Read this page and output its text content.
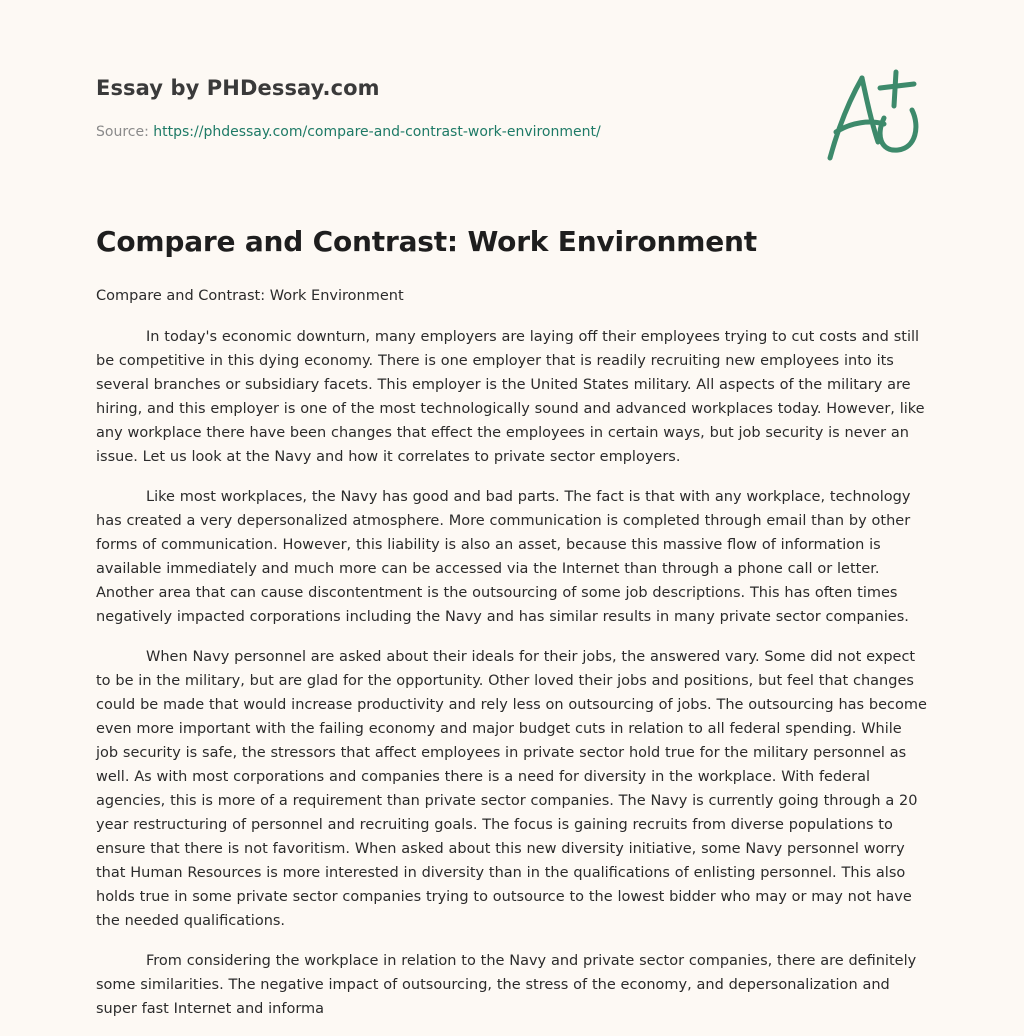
Essay by PHDessay.com
Source: https://phdessay.com/compare-and-contrast-work-environment/
Compare and Contrast: Work Environment
Compare and Contrast: Work Environment

In today's economic downturn, many employers are laying off their employees trying to cut costs and still be competitive in this dying economy. There is one employer that is readily recruiting new employees into its several branches or subsidiary facets. This employer is the United States military. All aspects of the military are hiring, and this employer is one of the most technologically sound and advanced workplaces today. However, like any workplace there have been changes that effect the employees in certain ways, but job security is never an issue. Let us look at the Navy and how it correlates to private sector employers.

Like most workplaces, the Navy has good and bad parts. The fact is that with any workplace, technology has created a very depersonalized atmosphere. More communication is completed through email than by other forms of communication. However, this liability is also an asset, because this massive flow of information is available immediately and much more can be accessed via the Internet than through a phone call or letter. Another area that can cause discontentment is the outsourcing of some job descriptions. This has often times negatively impacted corporations including the Navy and has similar results in many private sector companies.

When Navy personnel are asked about their ideals for their jobs, the answered vary. Some did not expect to be in the military, but are glad for the opportunity. Other loved their jobs and positions, but feel that changes could be made that would increase productivity and rely less on outsourcing of jobs. The outsourcing has become even more important with the failing economy and major budget cuts in relation to all federal spending. While job security is safe, the stressors that affect employees in private sector hold true for the military personnel as well. As with most corporations and companies there is a need for diversity in the workplace. With federal agencies, this is more of a requirement than private sector companies. The Navy is currently going through a 20 year restructuring of personnel and recruiting goals. The focus is gaining recruits from diverse populations to ensure that there is not favoritism. When asked about this new diversity initiative, some Navy personnel worry that Human Resources is more interested in diversity than in the qualifications of enlisting personnel. This also holds true in some private sector companies trying to outsource to the lowest bidder who may or may not have the needed qualifications.

From considering the workplace in relation to the Navy and private sector companies, there are definitely some similarities. The negative impact of outsourcing, the stress of the economy, and depersonalization and super fast Internet and informa
